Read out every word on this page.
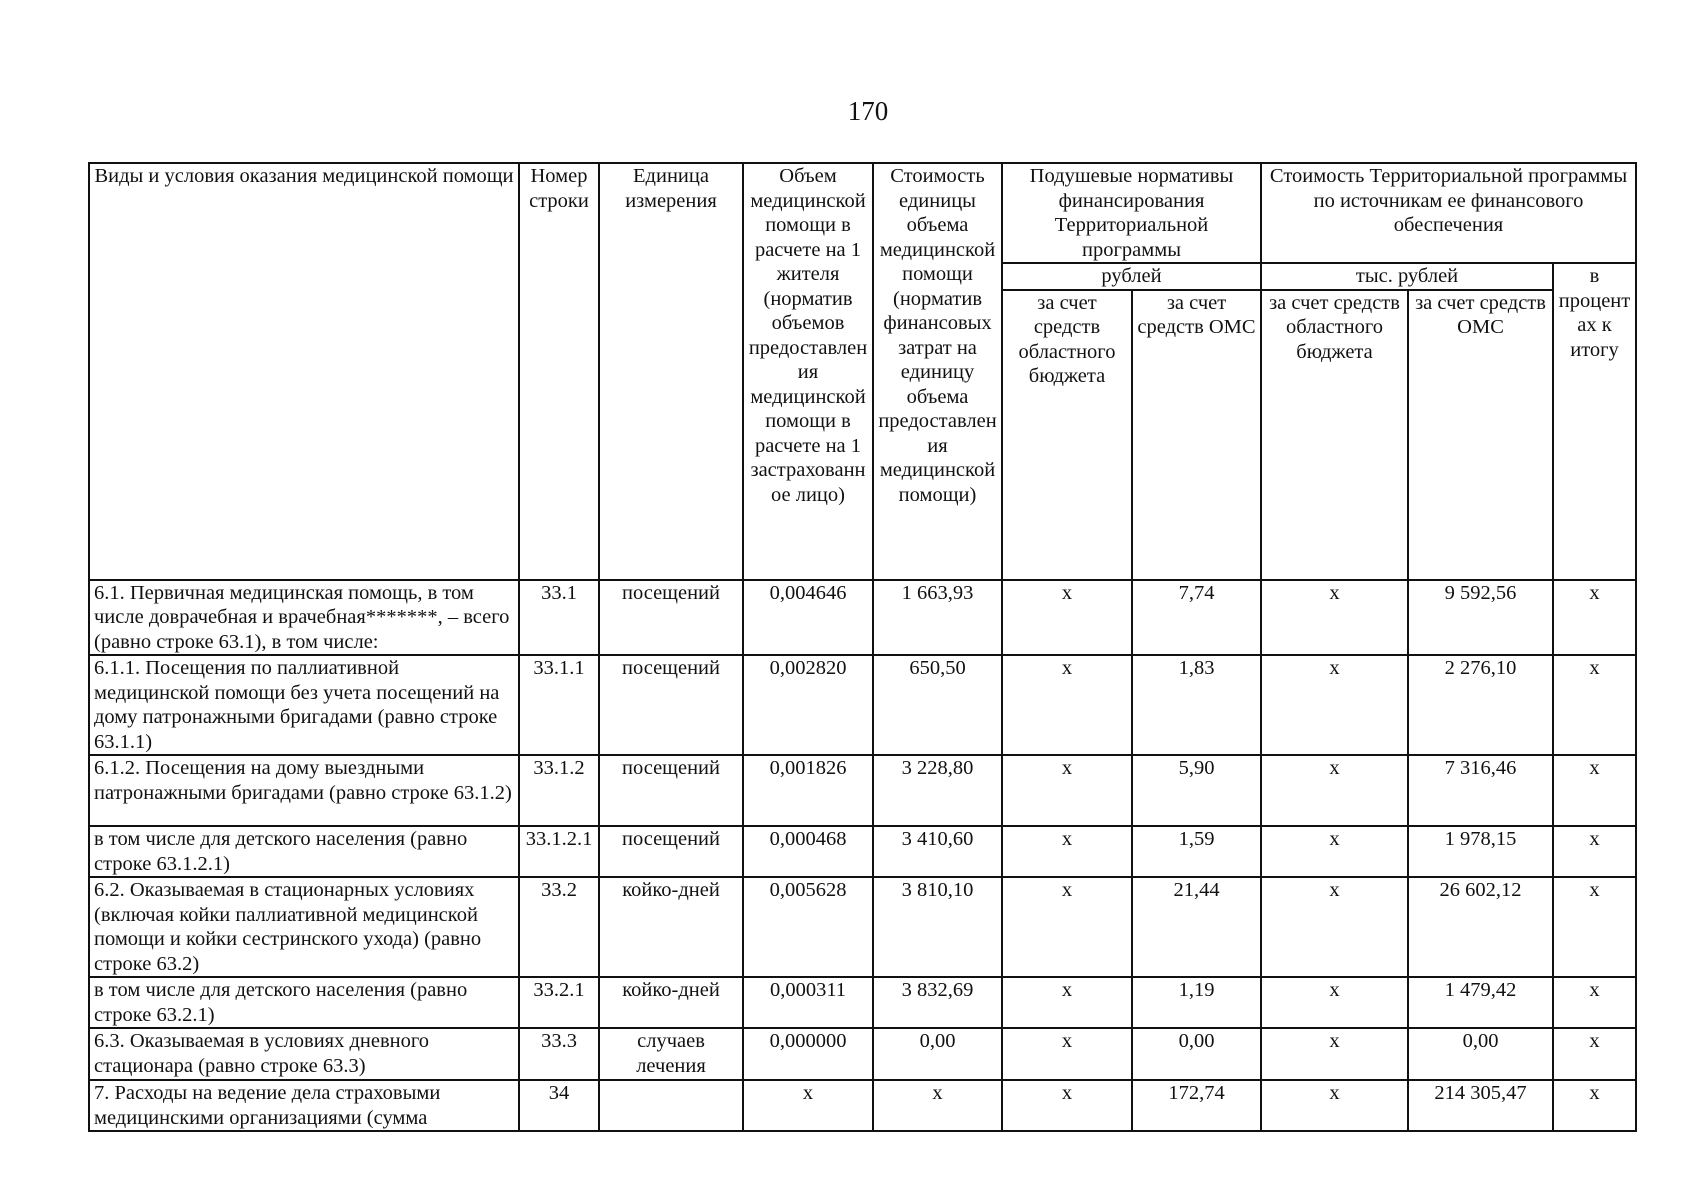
170
Виды и условия оказания медицинской помощи	Номер строки	Единица измерения	Объем медицинской помощи в расчете на 1 жителя (норматив объемов предоставления медицинской помощи в расчете на 1 застрахованное лицо)	Стоимость единицы объема медицинской помощи (норматив финансовых затрат на единицу объема предоставления медицинской помощи)	Подушевые нормативы финансирования Территориальной программы		Стоимость Территориальной программы по источникам ее финансового обеспечения		
					рублей		тыс. рублей		в процентах к итогу
					за счет средств областного бюджета	за счет средств ОМС	за счет средств областного бюджета	за счет средств ОМС	
6.1. Первичная медицинская помощь, в том числе доврачебная и врачебная*******, – всего (равно строке 63.1), в том числе:	33.1	посещений	0,004646	1 663,93	х	7,74	х	9 592,56	х
6.1.1. Посещения по паллиативной медицинской помощи без учета посещений на дому патронажными бригадами (равно строке 63.1.1)	33.1.1	посещений	0,002820	650,50	х	1,83	х	2 276,10	х
6.1.2. Посещения на дому выездными патронажными бригадами (равно строке 63.1.2)	33.1.2	посещений	0,001826	3 228,80	х	5,90	х	7 316,46	х
в том числе для детского населения (равно строке 63.1.2.1)	33.1.2.1	посещений	0,000468	3 410,60	х	1,59	х	1 978,15	х
6.2. Оказываемая в стационарных условиях (включая койки паллиативной медицинской помощи и койки сестринского ухода) (равно строке 63.2)	33.2	койко-дней	0,005628	3 810,10	х	21,44	х	26 602,12	х
в том числе для детского населения (равно строке 63.2.1)	33.2.1	койко-дней	0,000311	3 832,69	х	1,19	х	1 479,42	х
6.3. Оказываемая в условиях дневного стационара (равно строке 63.3)	33.3	случаев лечения	0,000000	0,00	х	0,00	х	0,00	х
7. Расходы на ведение дела страховыми медицинскими организациями (сумма	34		х	х	х	172,74	х	214 305,47	х
